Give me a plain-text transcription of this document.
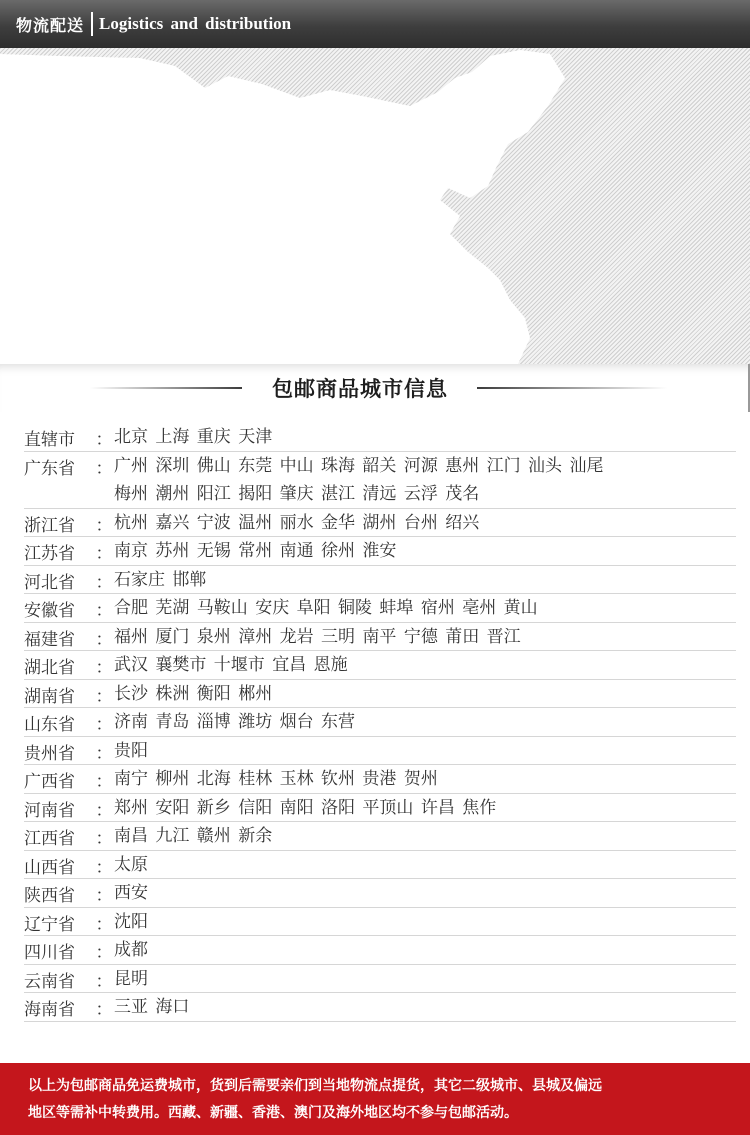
物流配送 Logistics and distribution
包邮商品城市信息
直辖市	： 北京 上海 重庆 天津
广东省	： 广州 深圳 佛山 东莞 中山 珠海 韶关 河源 惠州 江门 汕头 汕尾
梅州 潮州 阳江 揭阳 肇庆 湛江 清远 云浮 茂名
浙江省	： 杭州 嘉兴 宁波 温州 丽水 金华 湖州 台州 绍兴
江苏省	： 南京 苏州 无锡 常州 南通 徐州 淮安
河北省	： 石家庄 邯郸
安徽省	： 合肥 芜湖 马鞍山 安庆 阜阳 铜陵 蚌埠 宿州 亳州 黄山
福建省	： 福州 厦门 泉州 漳州 龙岩 三明 南平 宁德 莆田 晋江
湖北省	： 武汉 襄樊市 十堰市 宜昌 恩施
湖南省	： 长沙 株洲 衡阳 郴州
山东省	： 济南 青岛 淄博 潍坊 烟台 东营
贵州省	： 贵阳
广西省	： 南宁 柳州 北海 桂林 玉林 钦州 贵港 贺州
河南省	： 郑州 安阳 新乡 信阳 南阳 洛阳 平顶山 许昌 焦作
江西省	： 南昌 九江 赣州 新余
山西省	： 太原
陕西省	： 西安
辽宁省	： 沈阳
四川省	： 成都
云南省	： 昆明
海南省	： 三亚 海口

以上为包邮商品免运费城市，货到后需要亲们到当地物流点提货，其它二级城市、县城及偏远

地区等需补中转费用。西藏、新疆、香港、澳门及海外地区均不参与包邮活动。
